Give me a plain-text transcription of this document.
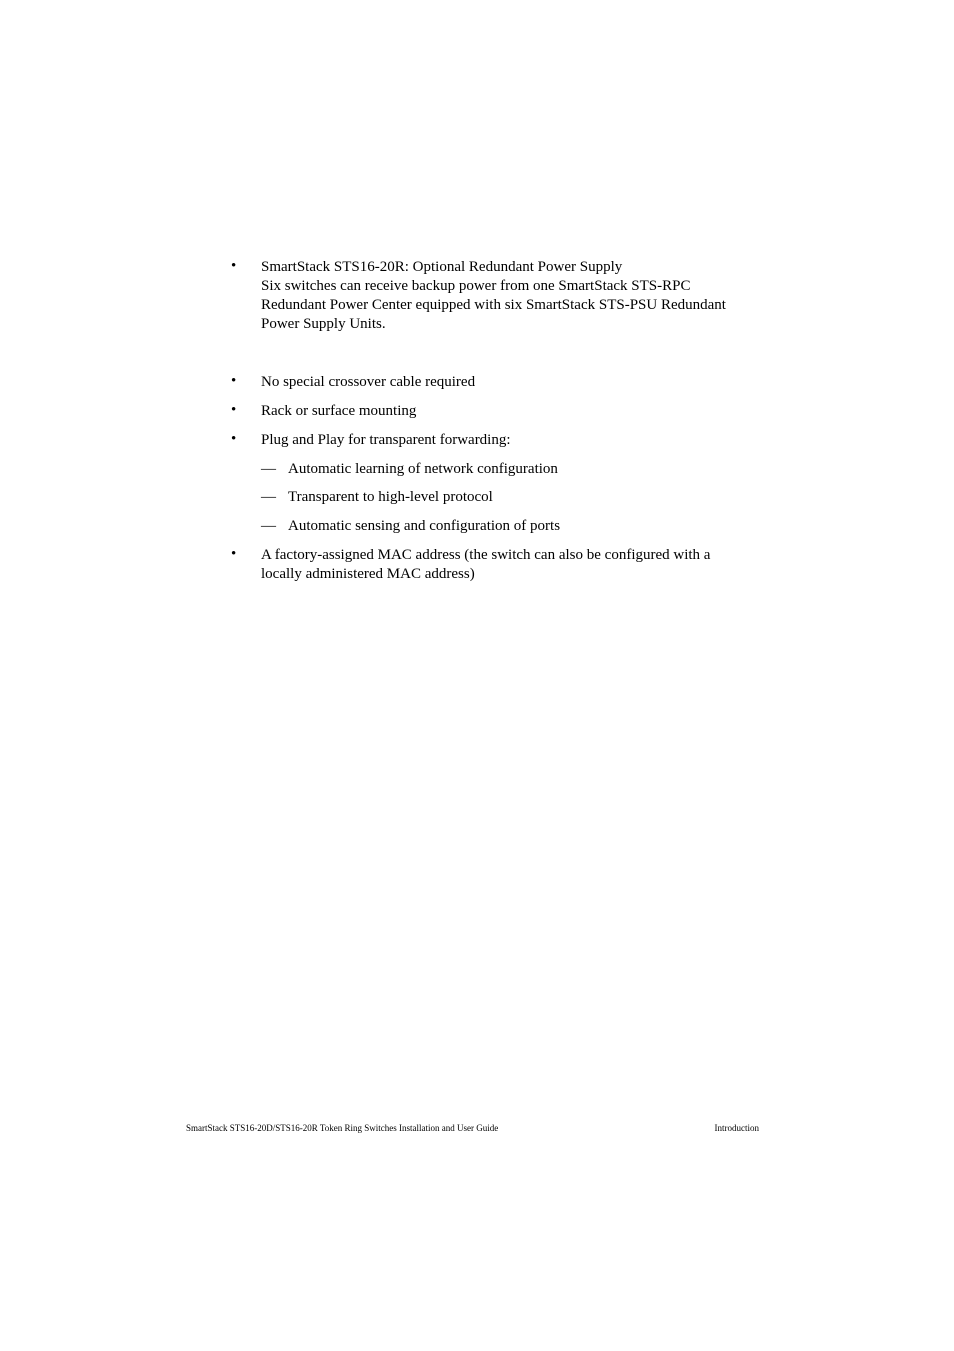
• SmartStack STS16-20R: Optional Redundant Power Supply
Six switches can receive backup power from one SmartStack STS-RPC
Redundant Power Center equipped with six SmartStack STS-PSU Redundant
Power Supply Units.
• No special crossover cable required
• Rack or surface mounting
• Plug and Play for transparent forwarding:
— Automatic learning of network configuration
— Transparent to high-level protocol
— Automatic sensing and configuration of ports
• A factory-assigned MAC address (the switch can also be configured with a
locally administered MAC address)
SmartStack STS16-20D/STS16-20R Token Ring Switches Installation and User Guide	Introduction
